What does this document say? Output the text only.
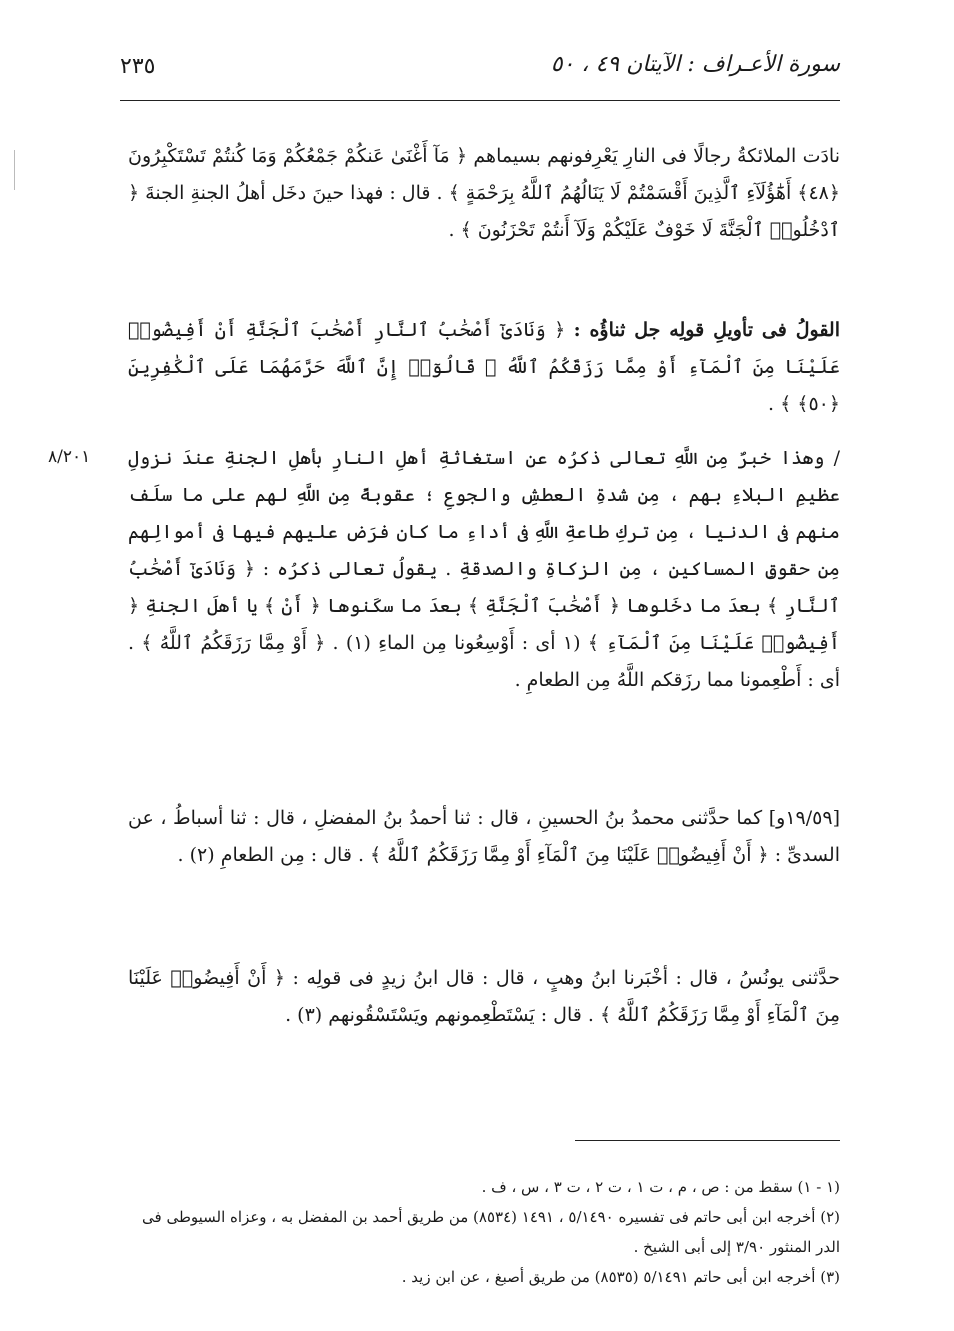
٢٣٥	سورة الأعـراف : الآيتان ٤٩ ، ٥٠
نادَت الملائكةُ رجالًا فى النارِ يَعْرِفونهم بسيماهم ﴿ مَآ أَغْنَىٰ عَنكُمْ جَمْعُكُمْ وَمَا كُنتُمْ تَسْتَكْبِرُونَ ﴿٤٨﴾ أَهَٰٓؤُلَآءِ ٱلَّذِينَ أَقْسَمْتُمْ لَا يَنَالُهُمُ ٱللَّهُ بِرَحْمَةٍ ﴾ . قال : فهذا حينَ دخَل أهلُ الجنةِ الجنةَ ﴿ ٱدْخُلُوا۟ ٱلْجَنَّةَ لَا خَوْفٌ عَلَيْكُمْ وَلَآ أَنتُمْ تَحْزَنُونَ ﴾ .
القولُ فى تأويلِ قولِه جل ثناؤُه : ﴿ وَنَادَىٰٓ أَصْحَٰبُ ٱلنَّارِ أَصْحَٰبَ ٱلْجَنَّةِ أَنْ أَفِيضُوا۟ عَلَيْنَا مِنَ ٱلْمَآءِ أَوْ مِمَّا رَزَقَكُمُ ٱللَّهُ ۚ قَالُوٓا۟ إِنَّ ٱللَّهَ حَرَّمَهُمَا عَلَى ٱلْكَٰفِرِينَ ﴿٥٠﴾ ﴾ .
٨/٢٠١ / وهذا خبرٌ مِن اللَّهِ تعالى ذكرُه عن استغاثةِ أهلِ النارِ بأهلِ الجنةِ عندَ نزولِ عظيمِ البلاءِ بهم ، مِن شدةِ العطشِ والجوعِ ؛ عقوبةً مِن اللَّهِ لهم على ما سلَف منهم فى الدنيا ، مِن تركِ طاعةِ اللَّهِ فى أداءِ ما كان فرَض عليهم فيها فى أموالِهم مِن حقوقِ المساكينِ ، مِن الزكاةِ والصدقةِ . يقولُ تعالى ذكرُه : ﴿ وَنَادَىٰٓ أَصْحَٰبُ ٱلنَّارِ ﴾ بعدَ ما دخَلوها ﴿ أَصْحَٰبَ ٱلْجَنَّةِ ﴾ بعدَ ما سكَنوها ﴿ أَنْ ﴾ يا أهلَ الجنةِ ﴿ أَفِيضُوا۟ عَلَيْنَا مِنَ ٱلْمَآءِ ﴾ (١ أى : أَوْسِعُونا مِن الماءِ (١) . ﴿ أَوْ مِمَّا رَزَقَكُمُ ٱللَّهُ ﴾ . أى : أَطْعِمونا مما رزَقكم اللَّهُ مِن الطعامِ .
[١٩/٥٩و] كما حدَّثنى محمدُ بنُ الحسينِ ، قال : ثنا أحمدُ بنُ المفضلِ ، قال : ثنا أسباطُ ، عن السدىِّ : ﴿ أَنْ أَفِيضُوا۟ عَلَيْنَا مِنَ ٱلْمَآءِ أَوْ مِمَّا رَزَقَكُمُ ٱللَّهُ ﴾ . قال : مِن الطعامِ (٢) .
حدَّثنى يونُسُ ، قال : أخْبَرنا ابنُ وهبٍ ، قال : قال ابنُ زيدٍ فى قولِه : ﴿ أَنْ أَفِيضُوا۟ عَلَيْنَا مِنَ ٱلْمَآءِ أَوْ مِمَّا رَزَقَكُمُ ٱللَّهُ ﴾ . قال : يَسْتَطْعِمونهم ويَسْتَسْقُونهم (٣) .

(١ - ١) سقط من : ص ، م ، ت ١ ، ت ٢ ، ت ٣ ، س ، ف .

(٢) أخرجه ابن أبى حاتم فى تفسيره ٥/١٤٩٠ ، ١٤٩١ (٨٥٣٤) من طريق أحمد بن المفضل به ، وعزاه السيوطى فى الدر المنثور ٣/٩٠ إلى أبى الشيخ .

(٣) أخرجه ابن أبى حاتم ٥/١٤٩١ (٨٥٣٥) من طريق أصبغ ، عن ابن زيد .
